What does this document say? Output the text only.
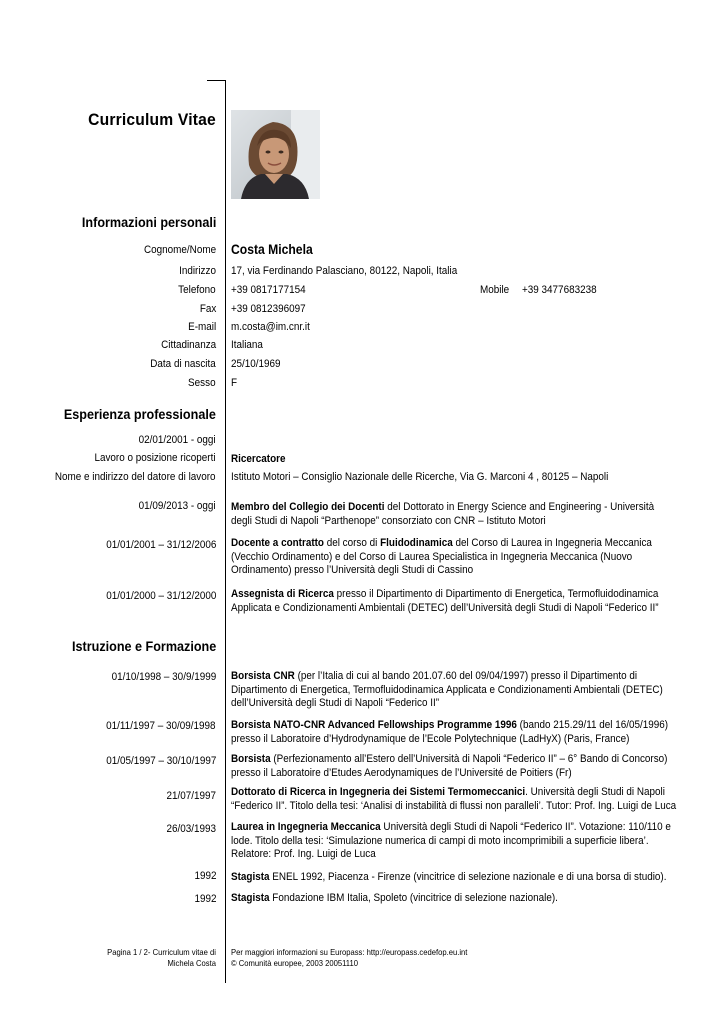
Curriculum Vitae
Informazioni personali
Cognome/Nome Costa Michela
Indirizzo 17, via Ferdinando Palasciano, 80122, Napoli, Italia
Telefono +39 0817177154	Mobile +39 3477683238
Fax +39 0812396097
E-mail m.costa@im.cnr.it
Cittadinanza Italiana
Data di nascita 25/10/1969
Sesso F
Esperienza professionale
02/01/2001 - oggi
Lavoro o posizione ricoperti Ricercatore
Nome e indirizzo del datore di lavoro Istituto Motori – Consiglio Nazionale delle Ricerche, Via G. Marconi 4 , 80125 – Napoli
01/09/2013 - oggi Membro del Collegio dei Docenti del Dottorato in Energy Science and Engineering - Università
degli Studi di Napoli “Parthenope” consorziato con CNR – Istituto Motori
01/01/2001 – 31/12/2006 Docente a contratto del corso di Fluidodinamica del Corso di Laurea in Ingegneria Meccanica
(Vecchio Ordinamento) e del Corso di Laurea Specialistica in Ingegneria Meccanica (Nuovo
Ordinamento) presso l’Università degli Studi di Cassino
01/01/2000 – 31/12/2000 Assegnista di Ricerca presso il Dipartimento di Dipartimento di Energetica, Termofluidodinamica
Applicata e Condizionamenti Ambientali (DETEC) dell’Università degli Studi di Napoli “Federico II”
Istruzione e Formazione
01/10/1998 – 30/9/1999 Borsista CNR (per l’Italia di cui al bando 201.07.60 del 09/04/1997) presso il Dipartimento di
Dipartimento di Energetica, Termofluidodinamica Applicata e Condizionamenti Ambientali (DETEC)
dell’Università degli Studi di Napoli “Federico II”
01/11/1997 – 30/09/1998 Borsista NATO-CNR Advanced Fellowships Programme 1996 (bando 215.29/11 del 16/05/1996)
presso il Laboratoire d’Hydrodynamique de l’Ecole Polytechnique (LadHyX) (Paris, France)
01/05/1997 – 30/10/1997 Borsista (Perfezionamento all’Estero dell’Università di Napoli “Federico II” – 6° Bando di Concorso)
presso il Laboratoire d’Etudes Aerodynamiques de l’Université de Poitiers (Fr)
21/07/1997 Dottorato di Ricerca in Ingegneria dei Sistemi Termomeccanici. Università degli Studi di Napoli
“Federico II”. Titolo della tesi: ‘Analisi di instabilità di flussi non paralleli’. Tutor: Prof. Ing. Luigi de Luca
26/03/1993 Laurea in Ingegneria Meccanica Università degli Studi di Napoli “Federico II”. Votazione: 110/110 e
lode. Titolo della tesi: ‘Simulazione numerica di campi di moto incomprimibili a superficie libera’.
Relatore: Prof. Ing. Luigi de Luca
1992 Stagista ENEL 1992, Piacenza - Firenze (vincitrice di selezione nazionale e di una borsa di studio).
1992 Stagista Fondazione IBM Italia, Spoleto (vincitrice di selezione nazionale).
Pagina 1 / 2- Curriculum vitae di
Michela Costa
Per maggiori informazioni su Europass: http://europass.cedefop.eu.int
© Comunità europee, 2003 20051110
